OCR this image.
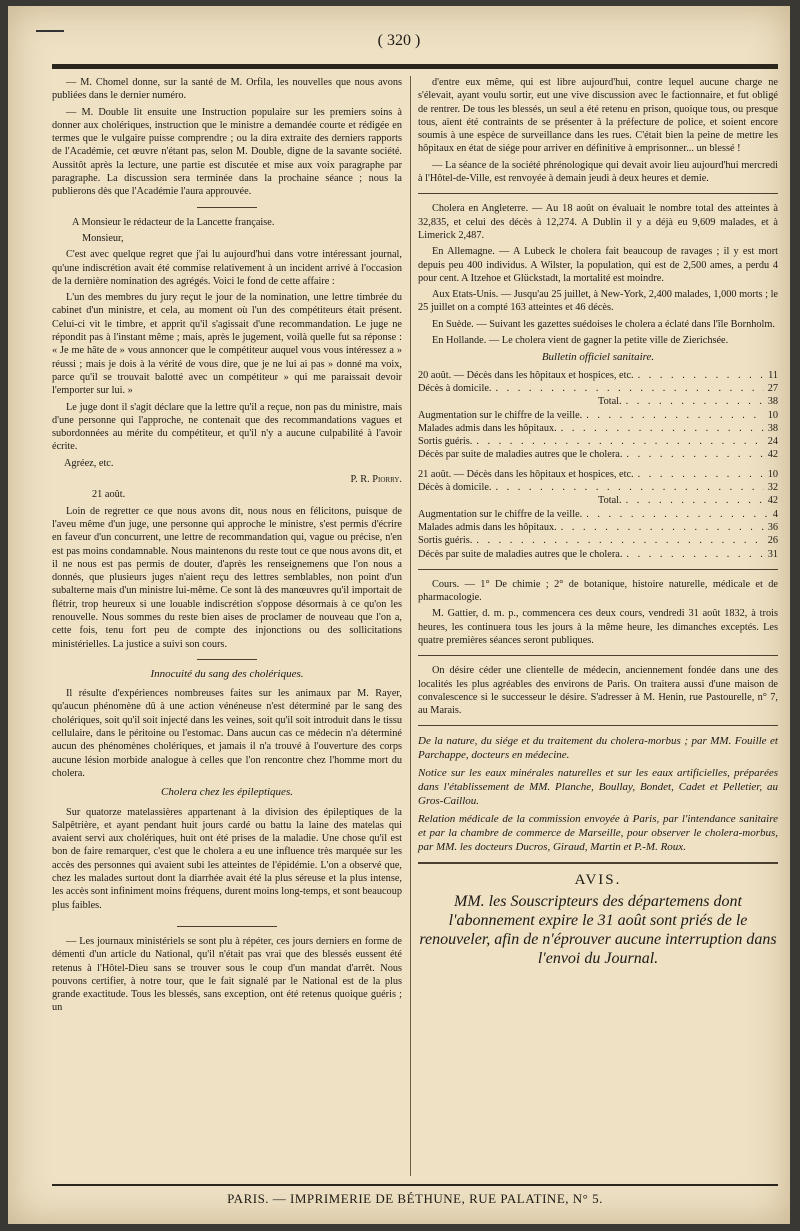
( 320 )

— M. Chomel donne, sur la santé de M. Orfila, les nouvelles que nous avons publiées dans le dernier numéro.

— M. Double lit ensuite une Instruction populaire sur les premiers soins à donner aux cholériques, instruction que le ministre a demandée courte et rédigée en termes que le vulgaire puisse comprendre ; ou la dira extraite des derniers rapports de l'Académie, cet œuvre n'étant pas, selon M. Double, digne de la savante société. Aussitôt après la lecture, une partie est discutée et mise aux voix paragraphe par paragraphe. La discussion sera terminée dans la prochaine séance ; nous la publierons dès que l'Académie l'aura approuvée.

A Monsieur le rédacteur de la Lancette française.

Monsieur,

C'est avec quelque regret que j'ai lu aujourd'hui dans votre intéressant journal, qu'une indiscrétion avait été commise relativement à un incident arrivé à l'occasion de la dernière nomination des agrégés. Voici le fond de cette affaire :

L'un des membres du jury reçut le jour de la nomination, une lettre timbrée du cabinet d'un ministre, et cela, au moment où l'un des compétiteurs était présent. Celui-ci vit le timbre, et apprit qu'il s'agissait d'une recommandation. Le juge ne répondit pas à l'instant même ; mais, après le jugement, voilà quelle fut sa réponse : « Je me hâte de » vous annoncer que le compétiteur auquel vous vous intéressez a » réussi ; mais je dois à la vérité de vous dire, que je ne lui ai pas » donné ma voix, parce qu'il se trouvait balotté avec un compétiteur » qui me paraissait devoir l'emporter sur lui. »

Le juge dont il s'agit déclare que la lettre qu'il a reçue, non pas du ministre, mais d'une personne qui l'approche, ne contenait que des recommandations vagues et subordonnées au mérite du compétiteur, et qu'il n'y a aucune culpabilité à l'avoir écrite.

Agréez, etc.

P. R. Piorry.

21 août.

Loin de regretter ce que nous avons dit, nous nous en félicitons, puisque de l'aveu même d'un juge, une personne qui approche le ministre, s'est permis d'écrire en faveur d'un concurrent, une lettre de recommandation qui, vague ou précise, n'en est pas moins condamnable. Nous maintenons du reste tout ce que nous avons dit, et il ne nous est pas permis de douter, d'après les renseignemens que l'on nous a donnés, que plusieurs juges n'aient reçu des lettres semblables, non point d'un subalterne mais d'un ministre lui-même. Ce sont là des manœuvres qu'il importait de flétrir, trop heureux si une louable indiscrétion s'oppose désormais à ce qu'on les renouvelle. Nous sommes du reste bien aises de proclamer de nouveau que l'on a, cette fois, tenu fort peu de compte des injonctions ou des sollicitations ministérielles. La justice a suivi son cours.

Innocuité du sang des cholériques.

Il résulte d'expériences nombreuses faites sur les animaux par M. Rayer, qu'aucun phénomène dû à une action vénéneuse n'est déterminé par le sang des cholériques, soit qu'il soit injecté dans les veines, soit qu'il soit introduit dans le tissu cellulaire, dans le péritoine ou l'estomac. Dans aucun cas ce médecin n'a déterminé aucun des phénomènes cholériques, et jamais il n'a trouvé à l'ouverture des corps aucune lésion morbide analogue à celles que l'on rencontre chez l'homme mort du cholera.

Cholera chez les épileptiques.

Sur quatorze matelassières appartenant à la division des épileptiques de la Salpêtrière, et ayant pendant huit jours cardé ou battu la laine des matelas qui avaient servi aux cholériques, huit ont été prises de la maladie. Une chose qu'il est bon de faire remarquer, c'est que le cholera a eu une influence très marquée sur les accès des personnes qui avaient subi les atteintes de l'épidémie. L'on a observé que, chez les malades surtout dont la diarrhée avait été la plus séreuse et la plus intense, les accès sont infiniment moins fréquens, durent moins long-temps, et sont beaucoup plus faibles.

— Les journaux ministériels se sont plu à répéter, ces jours derniers en forme de démenti d'un article du National, qu'il n'était pas vrai que des blessés eussent été retenus à l'Hôtel-Dieu sans se trouver sous le coup d'un mandat d'arrêt. Nous pouvons certifier, à notre tour, que le fait signalé par le National est de la plus grande exactitude. Tous les blessés, sans exception, ont été retenus quoique guéris ; un

d'entre eux même, qui est libre aujourd'hui, contre lequel aucune charge ne s'élevait, ayant voulu sortir, eut une vive discussion avec le factionnaire, et fut obligé de rentrer. De tous les blessés, un seul a été retenu en prison, quoique tous, ou presque tous, aient été contraints de se présenter à la préfecture de police, et soient encore soumis à une espèce de surveillance dans les rues. C'était bien la peine de mettre les hôpitaux en état de siége pour arriver en définitive à emprisonner... un blessé !

— La séance de la société phrénologique qui devait avoir lieu aujourd'hui mercredi à l'Hôtel-de-Ville, est renvoyée à demain jeudi à deux heures et demie.

Cholera en Angleterre. — Au 18 août on évaluait le nombre total des atteintes à 32,835, et celui des décès à 12,274. A Dublin il y a déjà eu 9,609 malades, et à Limerick 2,487.

En Allemagne. — A Lubeck le cholera fait beaucoup de ravages ; il y est mort depuis peu 400 individus. A Wilster, la population, qui est de 2,500 ames, a perdu 4 pour cent. A Itzehoe et Glückstadt, la mortalité est moindre.

Aux Etats-Unis. — Jusqu'au 25 juillet, à New-York, 2,400 malades, 1,000 morts ; le 25 juillet on a compté 163 atteintes et 46 décès.

En Suède. — Suivant les gazettes suédoises le cholera a éclaté dans l'île Bornholm.

En Hollande. — Le cholera vient de gagner la petite ville de Zierichsée.

Bulletin officiel sanitaire.

20 août. — Décès dans les hôpitaux et hospices, etc. . . .	11
Décès à domicile. . . .	27
Total. . . .	38
Augmentation sur le chiffre de la veille. . . .	10
Malades admis dans les hôpitaux. . . .	38
Sortis guéris. . . .	24
Décès par suite de maladies autres que le cholera. . . .	42
21 août. — Décès dans les hôpitaux et hospices, etc. . . .	10
Décès à domicile. . . .	32
Total. . . .	42
Augmentation sur le chiffre de la veille. . . .	4
Malades admis dans les hôpitaux. . . .	36
Sortis guéris. . . .	26
Décès par suite de maladies autres que le cholera. . . .	31

Cours. — 1° De chimie ; 2° de botanique, histoire naturelle, médicale et de pharmacologie.

M. Gattier, d. m. p., commencera ces deux cours, vendredi 31 août 1832, à trois heures, les continuera tous les jours à la même heure, les dimanches exceptés. Les quatre premières séances seront publiques.

On désire céder une clientelle de médecin, anciennement fondée dans une des localités les plus agréables des environs de Paris. On traitera aussi d'une maison de convalescence si le successeur le désire. S'adresser à M. Henin, rue Pastourelle, n° 7, au Marais.

De la nature, du siége et du traitement du cholera-morbus ; par MM. Fouille et Parchappe, docteurs en médecine.

Notice sur les eaux minérales naturelles et sur les eaux artificielles, préparées dans l'établissement de MM. Planche, Boullay, Bondet, Cadet et Pelletier, au Gros-Caillou.

Relation médicale de la commission envoyée à Paris, par l'intendance sanitaire et par la chambre de commerce de Marseille, pour observer le cholera-morbus, par MM. les docteurs Ducros, Giraud, Martin et P.-M. Roux.

AVIS.

MM. les Souscripteurs des départemens dont l'abonnement expire le 31 août sont priés de le renouveler, afin de n'éprouver aucune interruption dans l'envoi du Journal.

PARIS. — IMPRIMERIE DE BÉTHUNE, RUE PALATINE, N° 5.
